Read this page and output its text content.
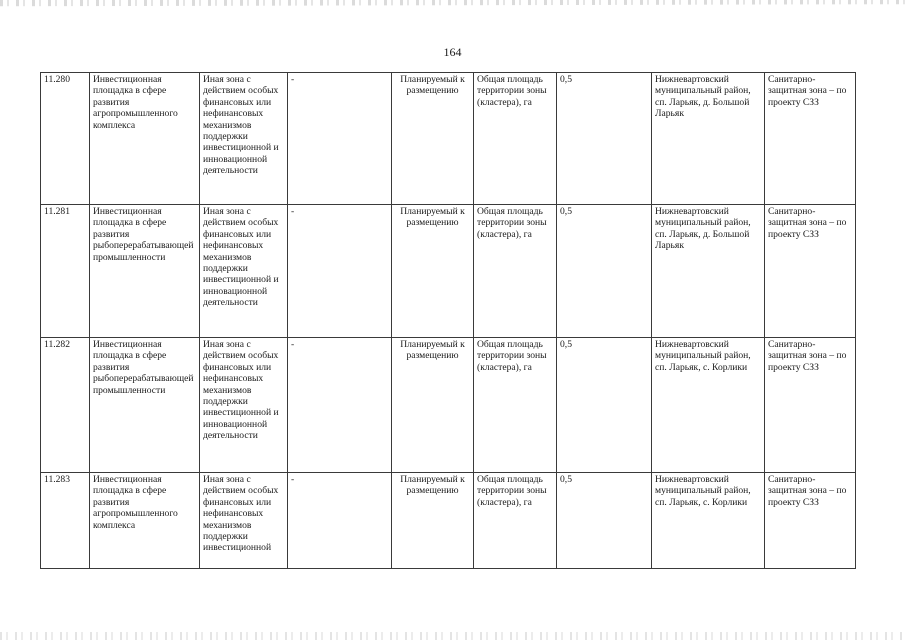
164
11.280	Инвестиционная площадка в сфере развития агропромышленного комплекса	Иная зона с действием особых финансовых или нефинансовых механизмов поддержки инвестиционной и инновационной деятельности	-	Планируемый к размещению	Общая площадь территории зоны (кластера), га	0,5	Нижневартовский муниципальный район, сп. Ларьяк, д. Большой Ларьяк	Санитарно-защитная зона – по проекту СЗЗ
11.281	Инвестиционная площадка в сфере развития рыбоперерабатывающей промышленности	Иная зона с действием особых финансовых или нефинансовых механизмов поддержки инвестиционной и инновационной деятельности	-	Планируемый к размещению	Общая площадь территории зоны (кластера), га	0,5	Нижневартовский муниципальный район, сп. Ларьяк, д. Большой Ларьяк	Санитарно-защитная зона – по проекту СЗЗ
11.282	Инвестиционная площадка в сфере развития рыбоперерабатывающей промышленности	Иная зона с действием особых финансовых или нефинансовых механизмов поддержки инвестиционной и инновационной деятельности	-	Планируемый к размещению	Общая площадь территории зоны (кластера), га	0,5	Нижневартовский муниципальный район, сп. Ларьяк, с. Корлики	Санитарно-защитная зона – по проекту СЗЗ
11.283	Инвестиционная площадка в сфере развития агропромышленного комплекса	Иная зона с действием особых финансовых или нефинансовых механизмов поддержки инвестиционной	-	Планируемый к размещению	Общая площадь территории зоны (кластера), га	0,5	Нижневартовский муниципальный район, сп. Ларьяк, с. Корлики	Санитарно-защитная зона – по проекту СЗЗ
